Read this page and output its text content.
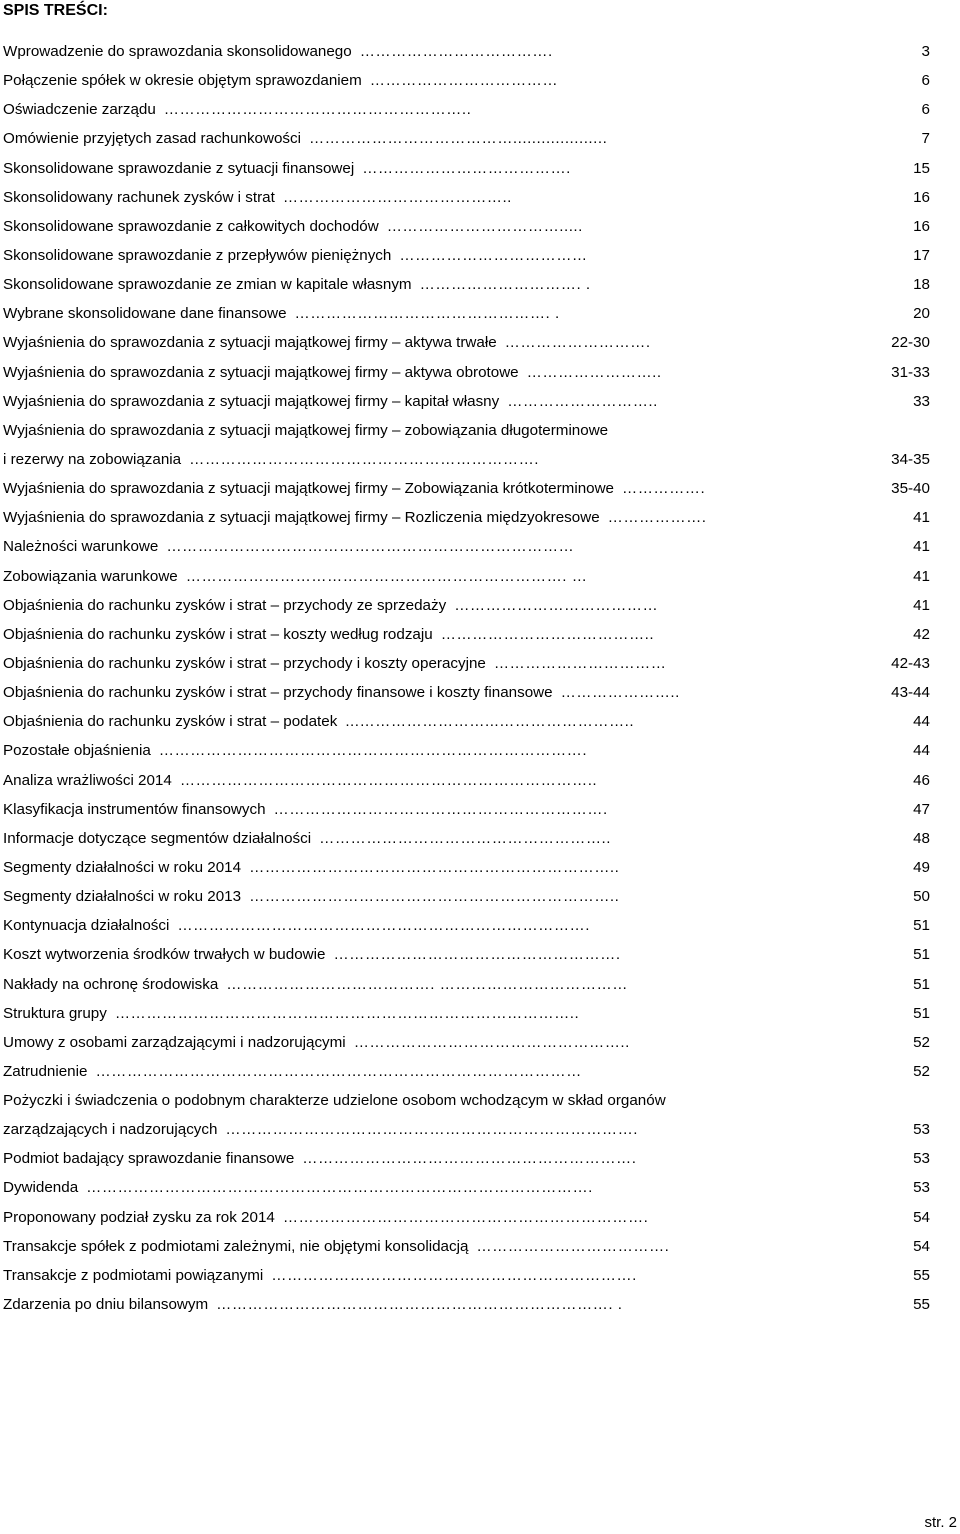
SPIS TREŚCI:
Wprowadzenie do sprawozdania skonsolidowanego ……………………………….	3
Połączenie spółek w okresie objętym sprawozdaniem ………………………………	6
Oświadczenie zarządu …………………………………………………..	6
Omówienie przyjętych zasad rachunkowości …………………………………....................	7
Skonsolidowane sprawozdanie z sytuacji finansowej ………………………………….	15
Skonsolidowany rachunek zysków i strat ……………………………………..	16
Skonsolidowane sprawozdanie z całkowitych dochodów …………………………….....	16
Skonsolidowane sprawozdanie z przepływów pieniężnych ………………………………	17
Skonsolidowane sprawozdanie ze zmian w kapitale własnym …………………………. .	18
Wybrane skonsolidowane dane finansowe …………………………………………. .	20
Wyjaśnienia do sprawozdania z sytuacji majątkowej firmy – aktywa trwałe ……………………….	22-30
Wyjaśnienia do sprawozdania z sytuacji majątkowej firmy – aktywa obrotowe ……………………..	31-33
Wyjaśnienia do sprawozdania z sytuacji majątkowej firmy – kapitał własny ………………………..	33
Wyjaśnienia do sprawozdania z sytuacji majątkowej firmy – zobowiązania długoterminowe
i rezerwy na zobowiązania ………………………………………………………….	34-35
Wyjaśnienia do sprawozdania z sytuacji majątkowej firmy – Zobowiązania krótkoterminowe …………….	35-40
Wyjaśnienia do sprawozdania z sytuacji majątkowej firmy – Rozliczenia międzyokresowe ……………….	41
Należności warunkowe ……………………………………………………………………	41
Zobowiązania warunkowe ………………………………………………………………. …	41
Objaśnienia do rachunku zysków i strat – przychody ze sprzedaży …………………………………	41
Objaśnienia do rachunku zysków i strat – koszty według rodzaju …………………………………..	42
Objaśnienia do rachunku zysków i strat – przychody i koszty operacyjne ……………………………	42-43
Objaśnienia do rachunku zysków i strat – przychody finansowe i koszty finansowe …………………..	43-44
Objaśnienia do rachunku zysków i strat – podatek ...……………………...……………………..	44
Pozostałe objaśnienia ……………………………………………………………………….	44
Analiza wrażliwości 2014 ……………………………………………………………………..	46
Klasyfikacja instrumentów finansowych ……………………………………………………….	47
Informacje dotyczące segmentów działalności ………………………………………………..	48
Segmenty działalności w roku 2014 ……………………………………………………………..	49
Segmenty działalności w roku 2013 ……………………………………………………………..	50
Kontynuacja działalności …………………………………………………………………….	51
Koszt wytworzenia środków trwałych w budowie ……………………………………………….	51
Nakłady na ochronę środowiska …………………………………. ………………………………	51
Struktura grupy ……………………………………………………………………………..	51
Umowy z osobami zarządzającymi i nadzorującymi ……………………………………………..	52
Zatrudnienie …………………………………………………………………………………	52
Pożyczki i świadczenia o podobnym charakterze udzielone osobom wchodzącym w skład organów
zarządzających i nadzorujących …………………………………………………………………….	53
Podmiot badający sprawozdanie finansowe ……………………………………………………….	53
Dywidenda …………………………………………………………………………………….	53
Proponowany podział zysku za rok 2014 …………………………………………………………….	54
Transakcje spółek z podmiotami zależnymi, nie objętymi konsolidacją ……………………………….	54
Transakcje z podmiotami powiązanymi …………………………………………………………….	55
Zdarzenia po dniu bilansowym …………………………………………………………………. .	55
str. 2
